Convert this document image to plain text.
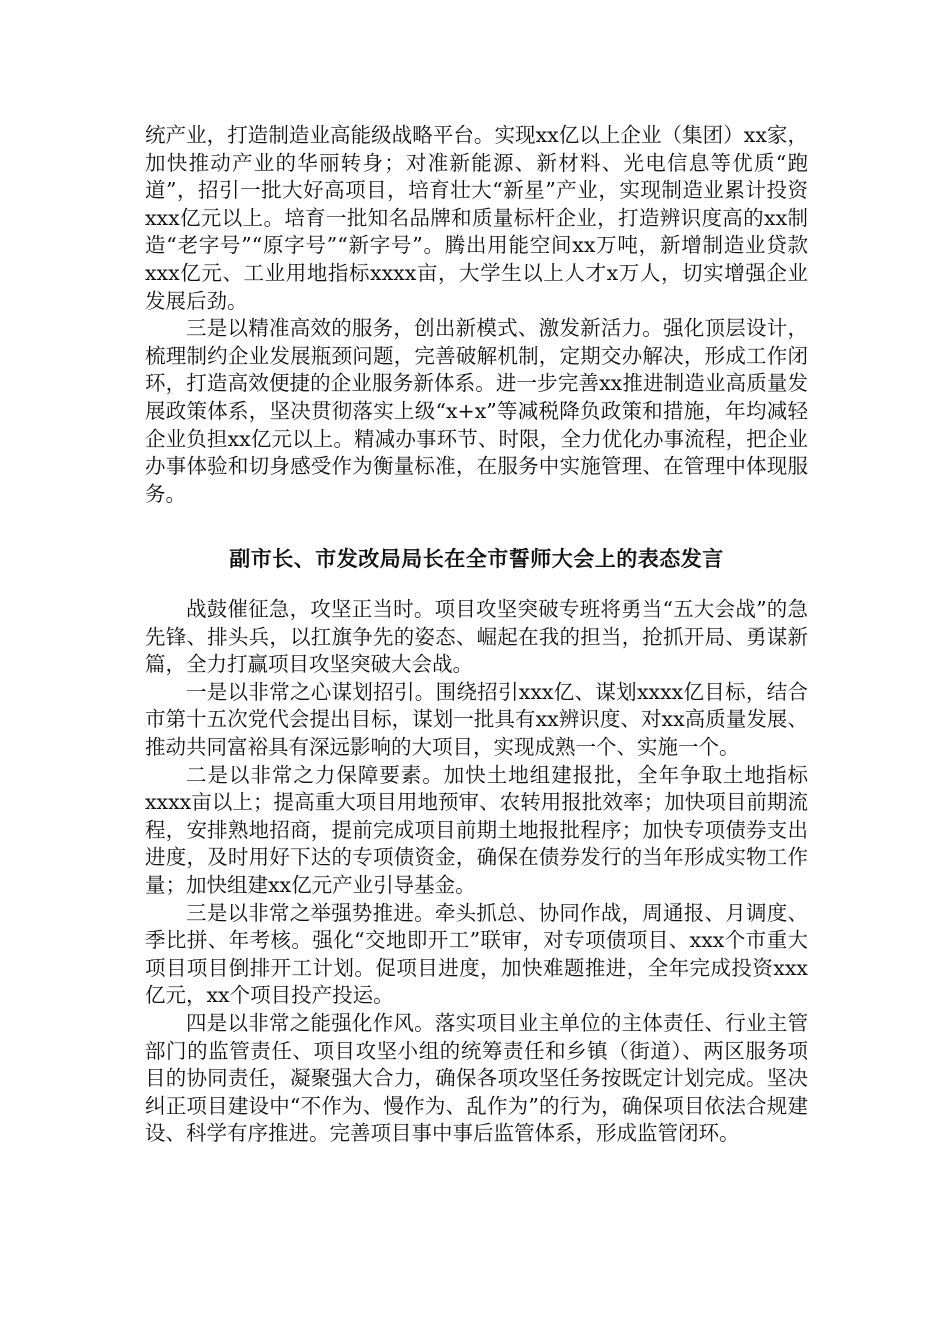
统产业，打造制造业高能级战略平台。实现xx亿以上企业（集团）xx家，加快推动产业的华丽转身；对准新能源、新材料、光电信息等优质“跑道”，招引一批大好高项目，培育壮大“新星”产业，实现制造业累计投资xxx亿元以上。培育一批知名品牌和质量标杆企业，打造辨识度高的xx制造“老字号”“原字号”“新字号”。腾出用能空间xx万吨，新增制造业贷款xxx亿元、工业用地指标xxxx亩，大学生以上人才x万人，切实增强企业发展后劲。

三是以精准高效的服务，创出新模式、激发新活力。强化顶层设计，梳理制约企业发展瓶颈问题，完善破解机制，定期交办解决，形成工作闭环，打造高效便捷的企业服务新体系。进一步完善xx推进制造业高质量发展政策体系，坚决贯彻落实上级“x+x”等减税降负政策和措施，年均减轻企业负担xx亿元以上。精减办事环节、时限，全力优化办事流程，把企业办事体验和切身感受作为衡量标准，在服务中实施管理、在管理中体现服务。

副市长、市发改局局长在全市誓师大会上的表态发言

战鼓催征急，攻坚正当时。项目攻坚突破专班将勇当“五大会战”的急先锋、排头兵，以扛旗争先的姿态、崛起在我的担当，抢抓开局、勇谋新篇，全力打赢项目攻坚突破大会战。

一是以非常之心谋划招引。围绕招引xxx亿、谋划xxxx亿目标，结合市第十五次党代会提出目标，谋划一批具有xx辨识度、对xx高质量发展、推动共同富裕具有深远影响的大项目，实现成熟一个、实施一个。

二是以非常之力保障要素。加快土地组建报批，全年争取土地指标xxxx亩以上；提高重大项目用地预审、农转用报批效率；加快项目前期流程，安排熟地招商，提前完成项目前期土地报批程序；加快专项债券支出进度，及时用好下达的专项债资金，确保在债券发行的当年形成实物工作量；加快组建xx亿元产业引导基金。

三是以非常之举强势推进。牵头抓总、协同作战，周通报、月调度、季比拼、年考核。强化“交地即开工”联审，对专项债项目、xxx个市重大项目项目倒排开工计划。促项目进度，加快难题推进，全年完成投资xxx亿元，xx个项目投产投运。

四是以非常之能强化作风。落实项目业主单位的主体责任、行业主管部门的监管责任、项目攻坚小组的统筹责任和乡镇（街道）、两区服务项目的协同责任，凝聚强大合力，确保各项攻坚任务按既定计划完成。坚决纠正项目建设中“不作为、慢作为、乱作为”的行为，确保项目依法合规建设、科学有序推进。完善项目事中事后监管体系，形成监管闭环。
